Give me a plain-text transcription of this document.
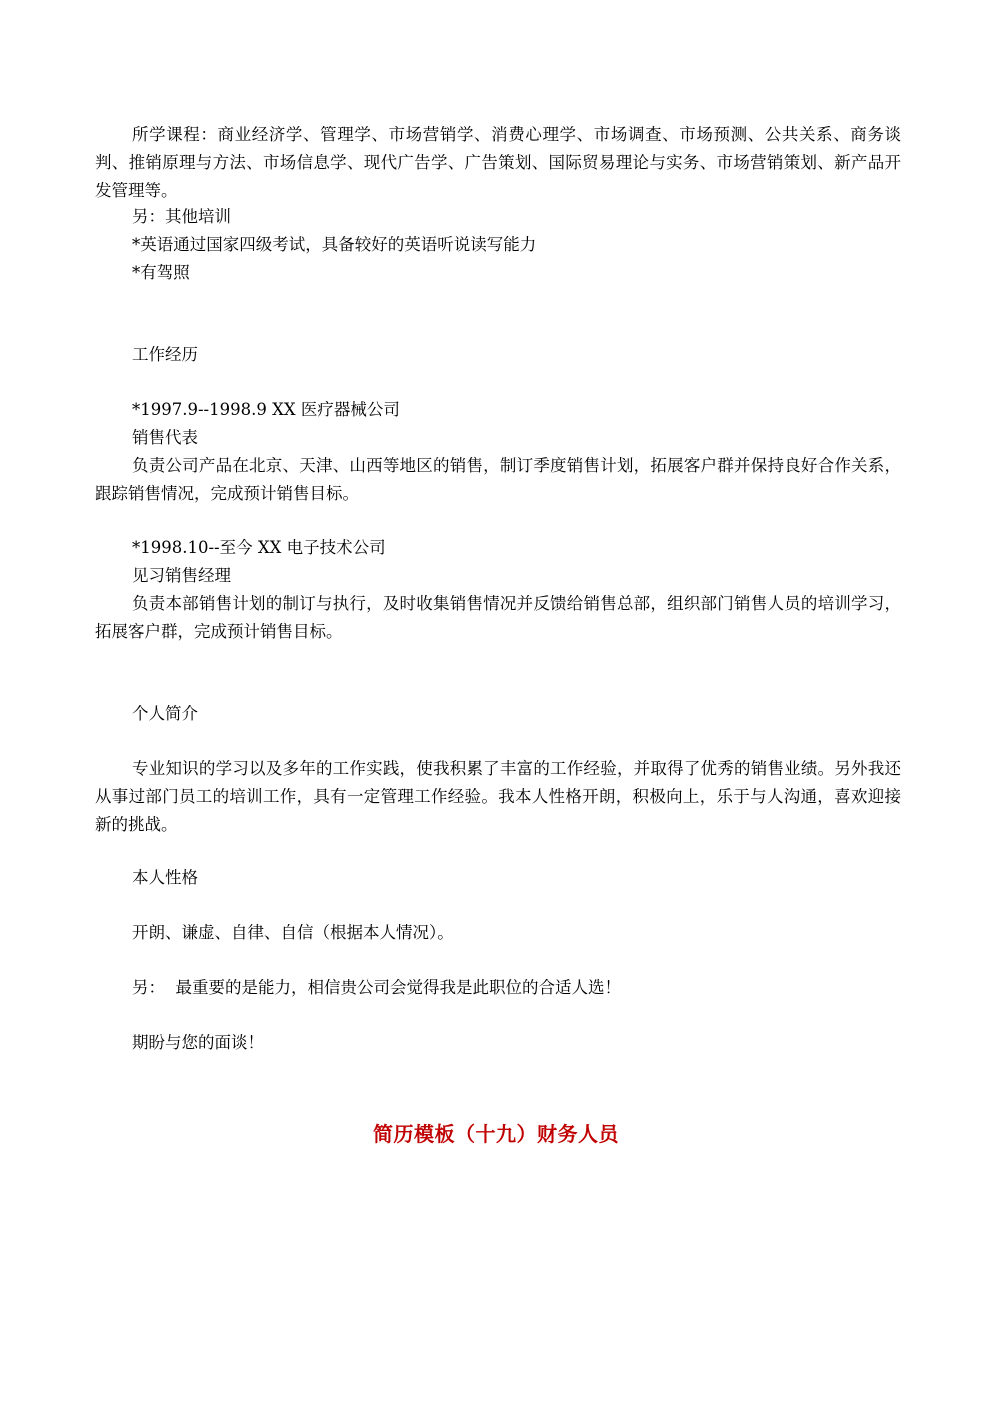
所学课程：商业经济学、管理学、市场营销学、消费心理学、市场调查、市场预测、公共关系、商务谈判、推销原理与方法、市场信息学、现代广告学、广告策划、国际贸易理论与实务、市场营销策划、新产品开发管理等。
另：其他培训
*英语通过国家四级考试，具备较好的英语听说读写能力
*有驾照
工作经历
*1997.9--1998.9 XX 医疗器械公司
销售代表
负责公司产品在北京、天津、山西等地区的销售，制订季度销售计划，拓展客户群并保持良好合作关系，跟踪销售情况，完成预计销售目标。
*1998.10--至今 XX 电子技术公司
见习销售经理
负责本部销售计划的制订与执行，及时收集销售情况并反馈给销售总部，组织部门销售人员的培训学习，拓展客户群，完成预计销售目标。
个人简介
专业知识的学习以及多年的工作实践，使我积累了丰富的工作经验，并取得了优秀的销售业绩。另外我还从事过部门员工的培训工作，具有一定管理工作经验。我本人性格开朗，积极向上，乐于与人沟通，喜欢迎接新的挑战。
本人性格
开朗、谦虚、自律、自信（根据本人情况）。
另：  最重要的是能力，相信贵公司会觉得我是此职位的合适人选！
期盼与您的面谈！
简历模板（十九）财务人员
